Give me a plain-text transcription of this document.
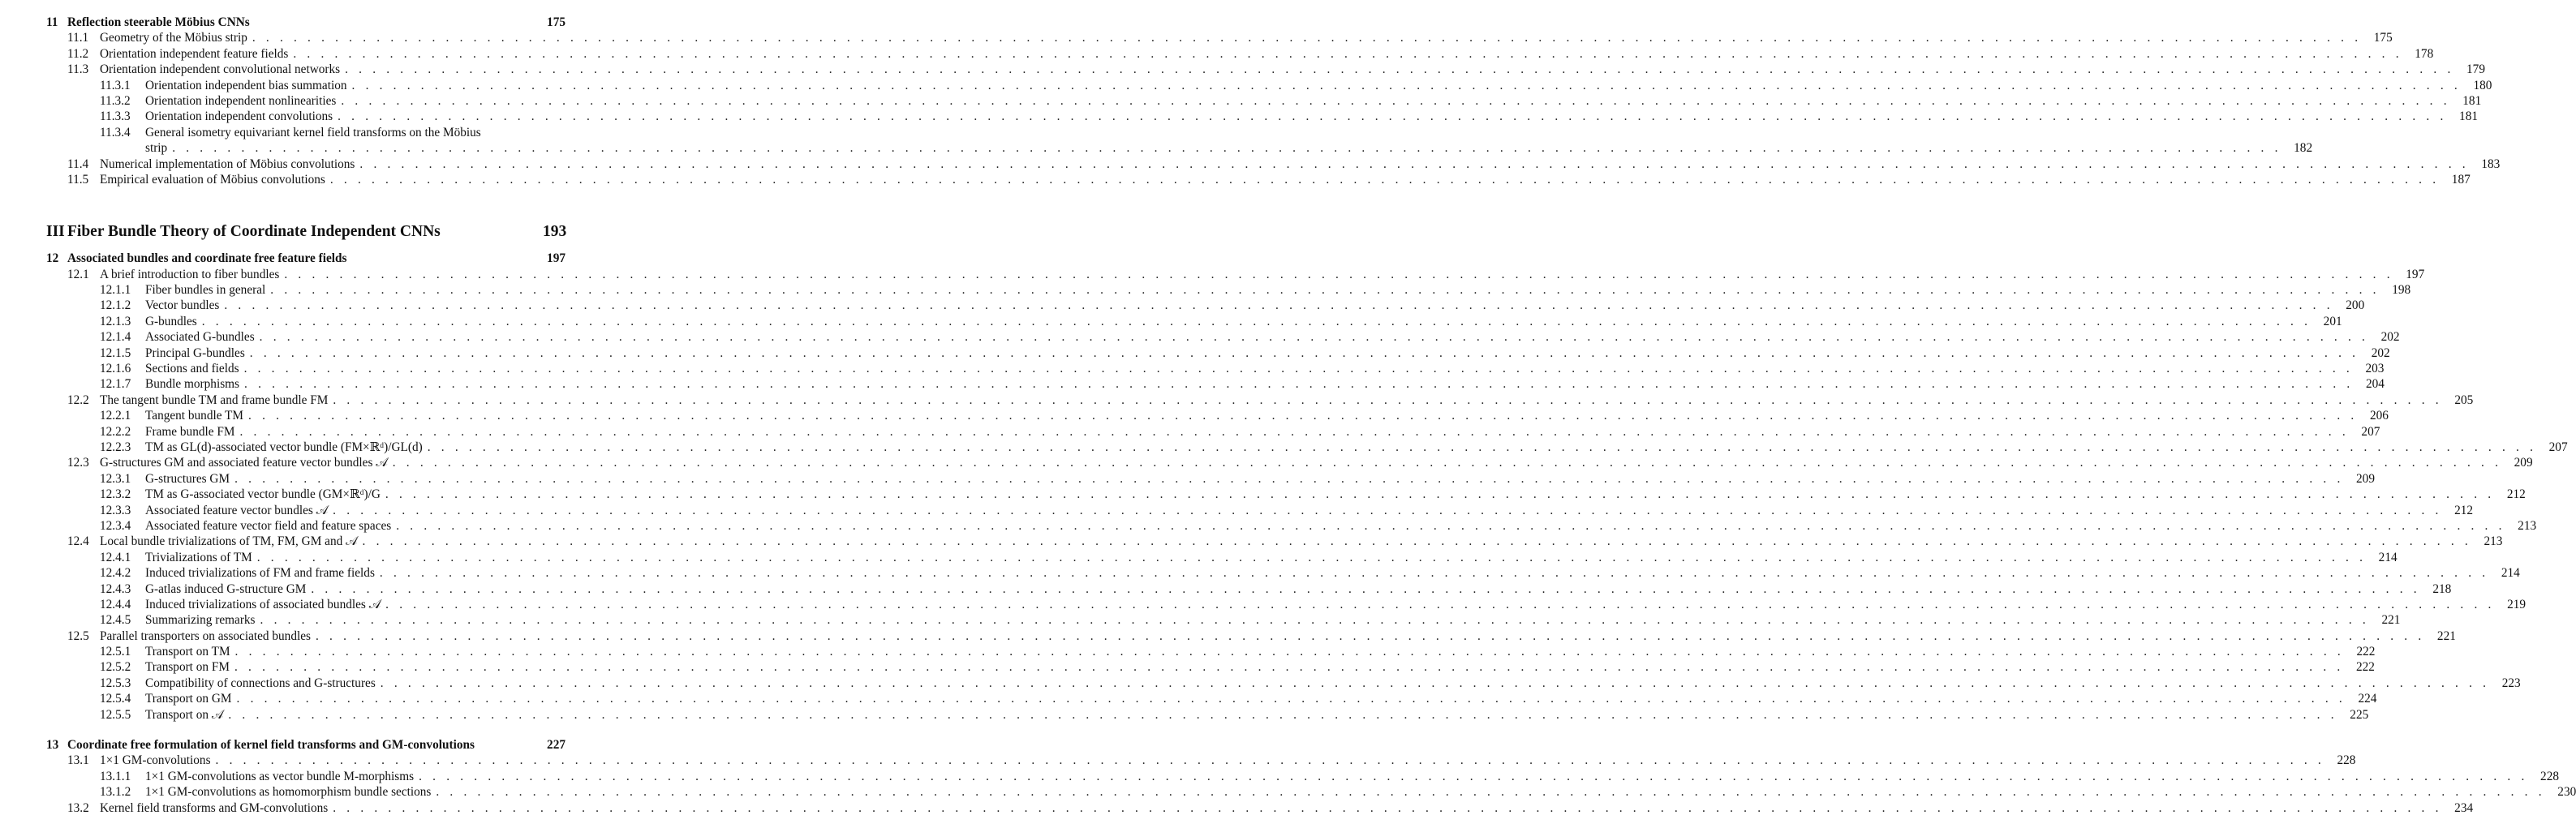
11 Reflection steerable Möbius CNNs	175
11.1 Geometry of the Möbius strip . . .	175
11.2 Orientation independent feature fields . . .	178
11.3 Orientation independent convolutional networks . . .	179
11.3.1	Orientation independent bias summation . . .	180
11.3.2	Orientation independent nonlinearities . . .	181
11.3.3	Orientation independent convolutions . . .	181
11.3.4	General isometry equivariant kernel field transforms on the Möbius
strip . . .	182
11.4 Numerical implementation of Möbius convolutions . . .	183
11.5 Empirical evaluation of Möbius convolutions . . .	187
III Fiber Bundle Theory of Coordinate Independent CNNs	193
12 Associated bundles and coordinate free feature fields	197
12.1 A brief introduction to fiber bundles . . .	197
12.1.1	Fiber bundles in general . . .	198
12.1.2	Vector bundles . . .	200
12.1.3	G-bundles . . .	201
12.1.4	Associated G-bundles . . .	202
12.1.5	Principal G-bundles . . .	202
12.1.6	Sections and fields . . .	203
12.1.7	Bundle morphisms . . .	204
12.2 The tangent bundle TM and frame bundle FM . . .	205
12.2.1	Tangent bundle TM . . .	206
12.2.2	Frame bundle FM . . .	207
12.2.3	TM as GL(d)-associated vector bundle (FM×ℝᵈ)/GL(d) . . .	207
12.3 G-structures GM and associated feature vector bundles 𝒜 . . .	209
12.3.1	G-structures GM . . .	209
12.3.2	TM as G-associated vector bundle (GM×ℝᵈ)/G . . .	212
12.3.3	Associated feature vector bundles 𝒜 . . .	212
12.3.4	Associated feature vector field and feature spaces . . .	213
12.4 Local bundle trivializations of TM, FM, GM and 𝒜 . . .	213
12.4.1	Trivializations of TM . . .	214
12.4.2	Induced trivializations of FM and frame fields . . .	214
12.4.3	G-atlas induced G-structure GM . . .	218
12.4.4	Induced trivializations of associated bundles 𝒜 . . .	219
12.4.5	Summarizing remarks . . .	221
12.5 Parallel transporters on associated bundles . . .	221
12.5.1	Transport on TM . . .	222
12.5.2	Transport on FM . . .	222
12.5.3	Compatibility of connections and G-structures . . .	223
12.5.4	Transport on GM . . .	224
12.5.5	Transport on 𝒜 . . .	225
13 Coordinate free formulation of kernel field transforms and GM-convolutions	227
13.1 1×1 GM-convolutions . . .	228
13.1.1	1×1 GM-convolutions as vector bundle M-morphisms . . .	228
13.1.2	1×1 GM-convolutions as homomorphism bundle sections . . .	230
13.2 Kernel field transforms and GM-convolutions . . .	234
